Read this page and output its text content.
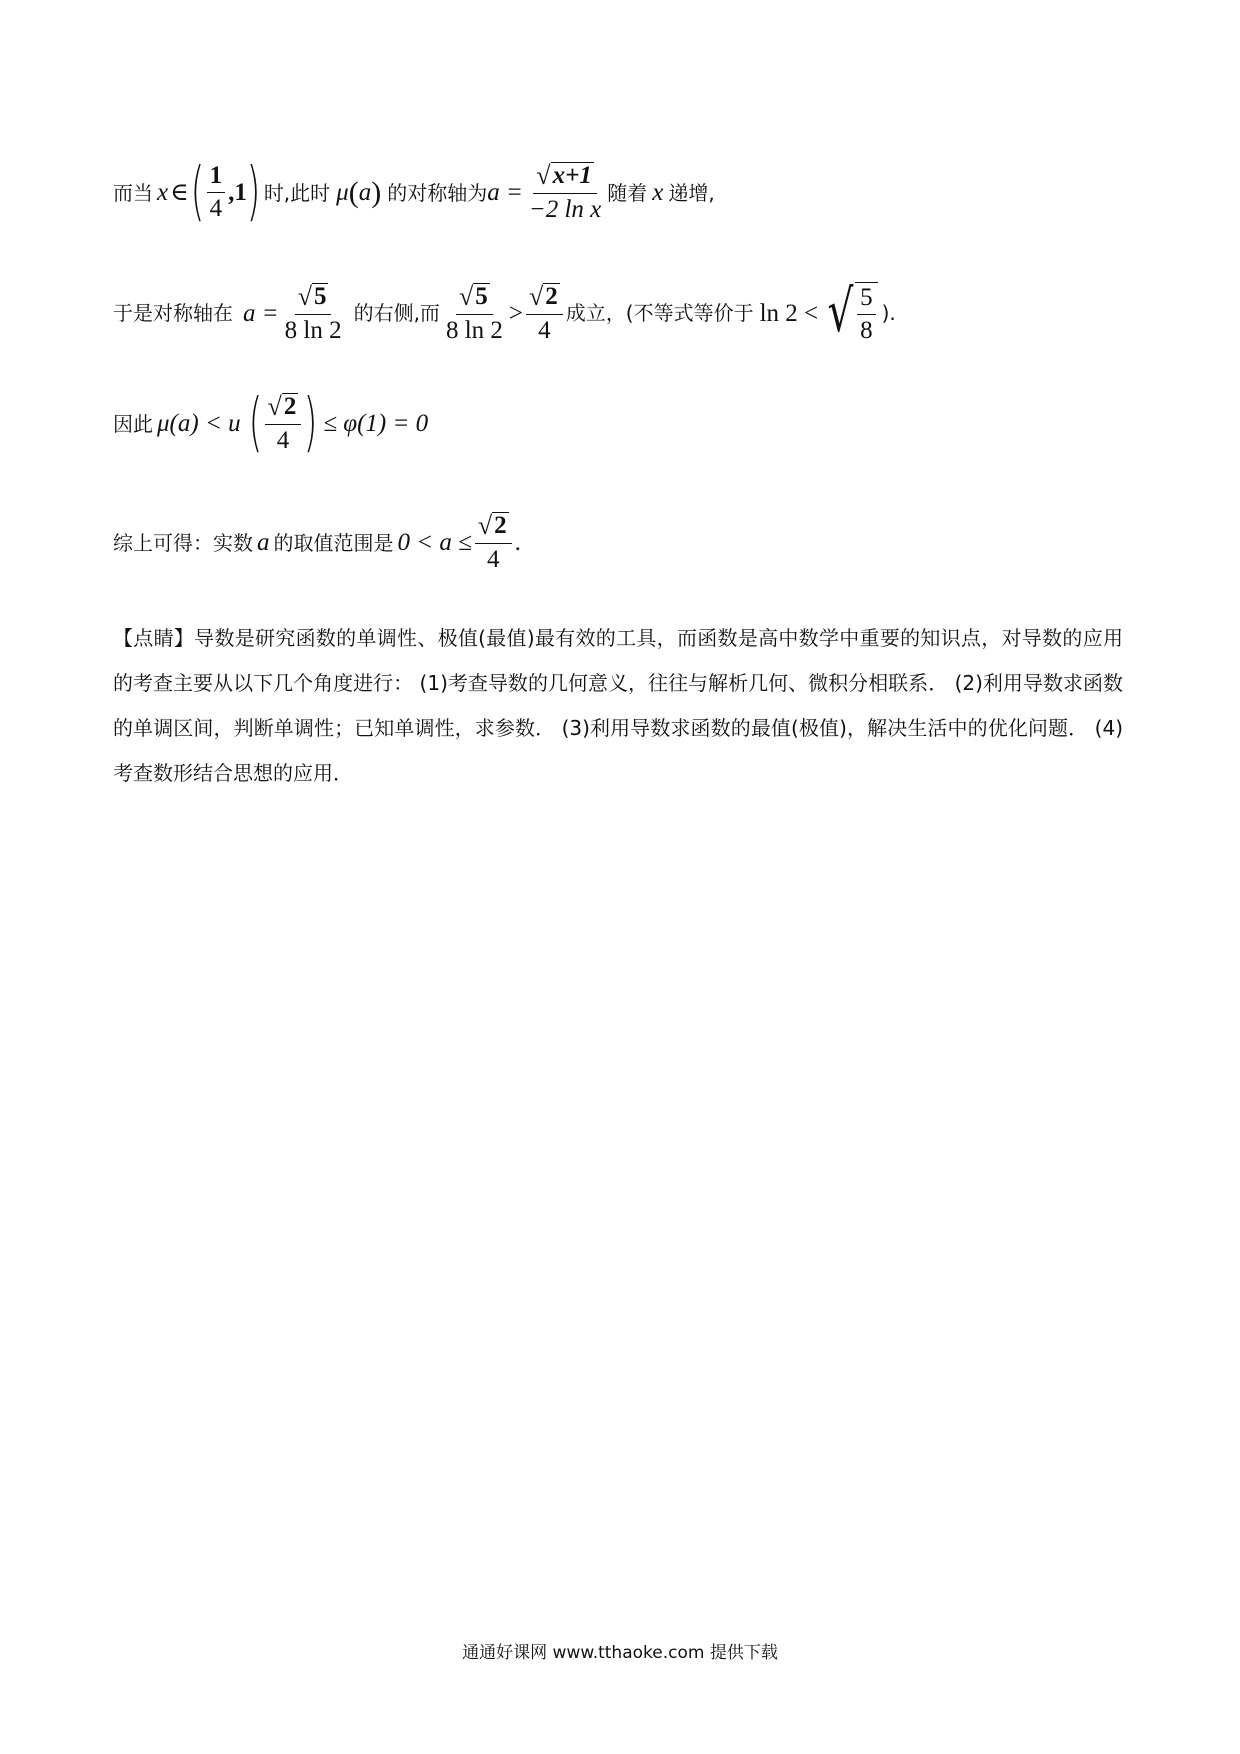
而当 x ∈ ( $\frac{1}{4} ,1$ ) 时,此时 μ ( a ) 的对称轴为 $a = \frac{√ x+1}{\text{−2 ln x}}$ 随着 x 递增,
于是对称轴在 $a = \frac{√ 5}{8 \ln 2}$ 的右侧,而 $\frac{√ 5}{8 \ln 2} > \frac{√ 2}{4}$ 成立，(不等式等价于 ln 2 < √ $\frac{5}{8}$ ).
因此 μ(a) < u ( $\frac{√ 2}{4}$ ) ≤ φ(1) = 0
综上可得：实数 a 的取值范围是 $0 < a \le \frac{√ 2}{4}$ .
【点睛】导数是研究函数的单调性、极值(最值)最有效的工具，而函数是高中数学中重要的知识点，对导数的应用的考查主要从以下几个角度进行： (1)考查导数的几何意义，往往与解析几何、微积分相联系． (2)利用导数求函数的单调区间，判断单调性；已知单调性，求参数． (3)利用导数求函数的最值(极值)，解决生活中的优化问题． (4)考查数形结合思想的应用．
通通好课网 www.tthaoke.com 提供下载
